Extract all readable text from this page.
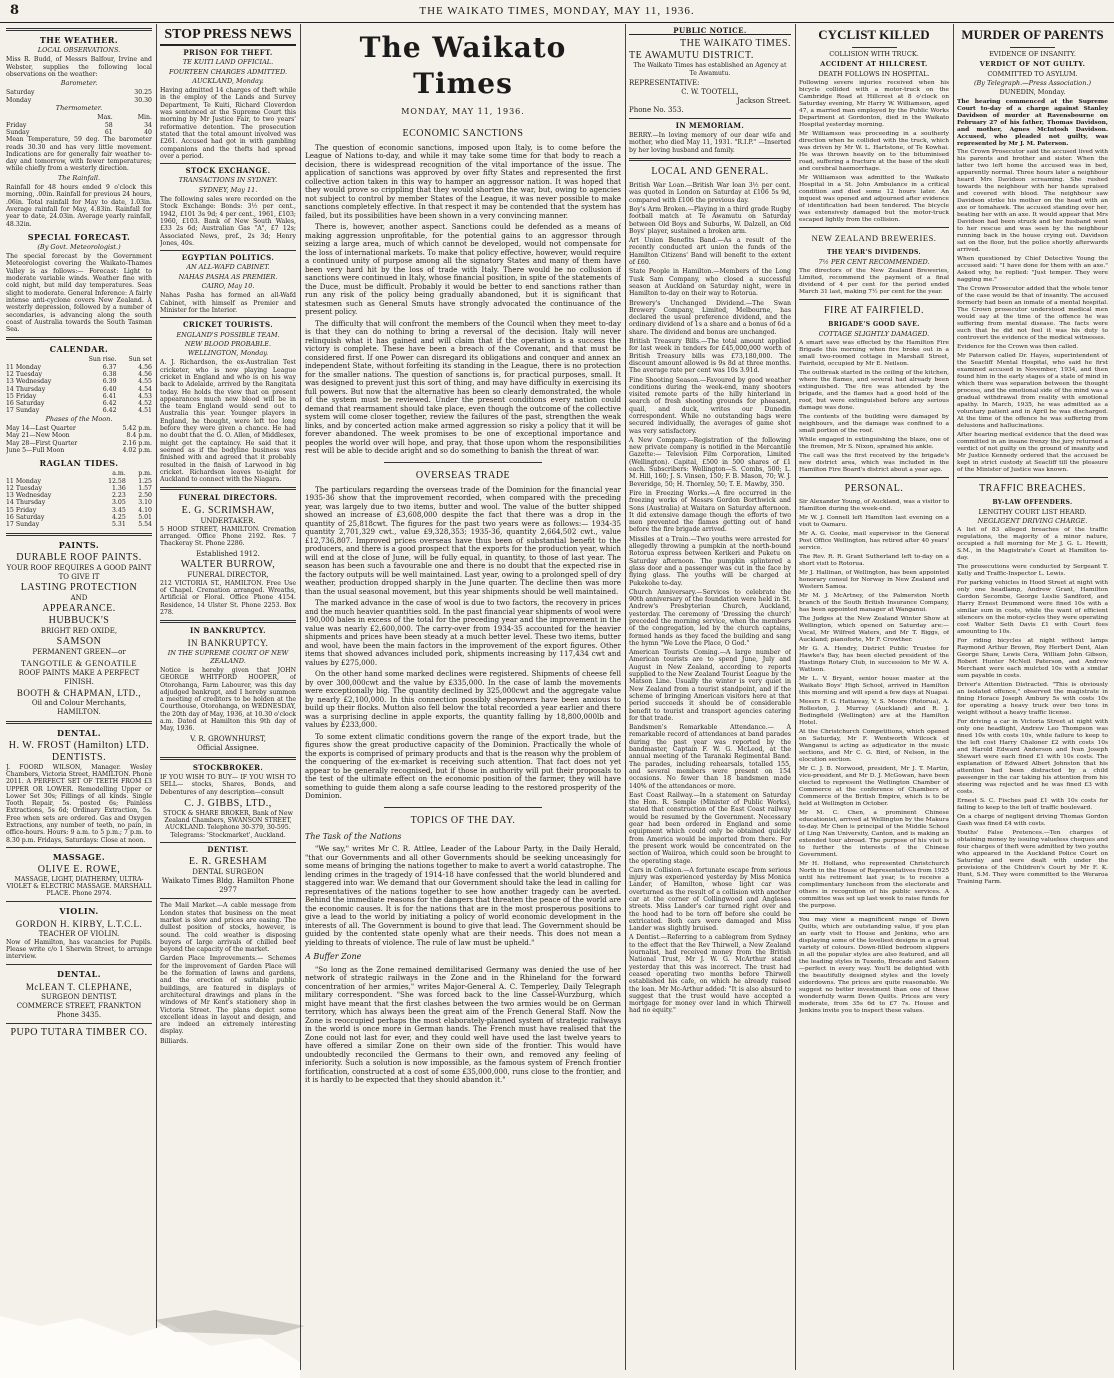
8	THE WAIKATO TIMES, MONDAY, MAY 11, 1936.
THE WEATHER.
LOCAL OBSERVATIONS.

Miss R. Budd, of Messrs Balfour, Irvine and Webster, supplies the following local observations on the weather:

Barometer.
Saturday	30.25
Monday	30.30
Thermometer.
	Max.	Min.
Friday	58	34
Sunday	61	40

Mean Temperature, 59 deg. The barometer reads 30.30 and has very little movement. Indications are for generally fair weather to-day and tomorrow, with fewer temperatures; while chiefly from a westerly direction.

The Rainfall.

Rainfall for 48 hours ended 9 o'clock this morning, .00in. Rainfall for previous 24 hours, .06in. Total rainfall for May to date, 1.03in. Average rainfall for May, 4.83in. Rainfall for year to date, 24.03in. Average yearly rainfall, 48.32in.

SPECIAL FORECAST.
(By Govt. Meteorologist.)

The special forecast by the Government Meteorologist covering the Waikato-Thames Valley is as follows:— Forecast: Light to moderate variable winds. Weather fine with cold night, but mild day temperatures. Seas slight to moderate. General Inference: A fairly intense anti-cyclone covers New Zealand. A westerly depression, followed by a number of secondaries, is advancing along the south coast of Australia towards the South Tasman Sea.

CALENDAR.
	Sun rise.	Sun set
11 Monday	6.37	4.56
12 Tuesday	6.38	4.56
13 Wednesday	6.39	4.55
14 Thursday	6.40	4.54
15 Friday	6.41	4.53
16 Saturday	6.42	4.52
17 Sunday	6.42	4.51
Phases of the Moon.
May 14—Last Quarter	5.42 p.m.
May 21—New Moon	8.4 p.m.
May 28—First Quarter	2.16 p.m.
June 5—Full Moon	4.02 p.m.
RAGLAN TIDES.
	a.m.	p.m.
11 Monday	12.58	1.25
12 Tuesday	1.36	1.57
13 Wednesday	2.23	2.50
14 Thursday	3.05	3.10
15 Friday	3.45	4.10
16 Saturday	4.25	5.01
17 Sunday	5.31	5.54
PAINTS.
DURABLE ROOF PAINTS.
YOUR ROOF REQUIRES A GOOD PAINT TO GIVE IT
LASTING PROTECTION
AND
APPEARANCE.
HUBBUCK'S
BRIGHT RED OXIDE,
SAMSON
PERMANENT GREEN—or
TANGOTILE & GENOATILE
ROOF PAINTS MAKE A PERFECT FINISH.
BOOTH & CHAPMAN, LTD.,
Oil and Colour Merchants,
HAMILTON.
DENTAL.
H. W. FROST (Hamilton) LTD.
DENTISTS.

J. FOORD WILSON, Manager. Wesley Chambers, Victoria Street, HAMILTON. Phone 2011. A PERFECT SET OF TEETH FROM £3 UPPER OR LOWER. Remodelling Upper or Lower Set 30s; Fillings of all kinds. Single Tooth Repair, 5s. posted 6s; Painless Extractions, 5s 6d; Ordinary Extraction, 5s. Free when sets are ordered. Gas and Oxygen Extractions, any number of teeth, no pain, in office-hours. Hours: 9 a.m. to 5 p.m.; 7 p.m. to 8.30 p.m. Fridays, Saturdays: Close at noon.

MASSAGE.
OLIVE E. ROWE,

MASSAGE, LIGHT, DIATHERMY, ULTRA-VIOLET & ELECTRIC MASSAGE. MARSHALL PLACE. Phone 2974.

VIOLIN.
GORDON H. KIRBY, L.T.C.L.
TEACHER OF VIOLIN.

Now of Hamilton, has vacancies for Pupils. Please write c/o 1 Sherwin Street, to arrange interview.

DENTAL.
McLEAN T. CLEPHANE,
SURGEON DENTIST.
COMMERCE STREET, FRANKTON
Phone 3435.
PUPO TUTARA TIMBER CO.
STOP PRESS NEWS
PRISON FOR THEFT.
TE KUITI LAND OFFICIAL.
FOURTEEN CHARGES ADMITTED.
AUCKLAND, Monday.

Having admitted 14 charges of theft while in the employ of the Lands and Survey Department, Te Kuiti, Richard Cloverdon was sentenced at the Supreme Court this morning by Mr Justice Fair, to two years' reformative detention. The prosecution stated that the total amount involved was £261. Accused had got in with gambling companions and the thefts had spread over a period.

STOCK EXCHANGE.
TRANSACTIONS IN SYDNEY.
SYDNEY, May 11.

The following sales were recorded on the Stock Exchange: Bonds: 3½ per cent., 1942, £101 3s 9d; 4 per cent., 1961, £103; 1960, £103. Bank of New South Wales, £33 2s 6d; Australian Gas "A", £7 12s; Associated News, pref., 2s 3d; Henry Jones, 40s.

EGYPTIAN POLITICS.
AN ALL-WAFD CABINET.
NAHAS PASHA AS PREMIER.
CAIRO, May 10.

Nahas Pasha has formed an all-Wafd Cabinet, with himself as Premier and Minister for the Interior.

CRICKET TOURISTS.
ENGLAND'S POSSIBLE TEAM.
NEW BLOOD PROBABLE.
WELLINGTON, Monday.

A. J. Richardson, the ex-Australian Test cricketer, who is now playing League cricket in England and who is on his way back to Adelaide, arrived by the Rangitata today. He holds the view that on present appearances much new blood will be in the team England would send out to Australia this year. Younger players in England, he thought, were left too long before they were given a chance. He had no doubt that the G. O. Allen, of Middlesex, might get the captaincy. He said that it seemed as if the bodyline business was finished with and agreed that it probably resulted in the finish of Larwood in big cricket. Richardson leaves to-night for Auckland to connect with the Niagara.

FUNERAL DIRECTORS.
E. G. SCRIMSHAW,
UNDERTAKER.

5 HOOD STREET, HAMILTON. Cremation arranged. Office Phone 2192. Res. 7 Thackeray St. Phone 2286.

Established 1912.
WALTER BURROW,
FUNERAL DIRECTOR,

212 VICTORIA ST., HAMILTON. Free Use of Chapel. Cremation arranged. Wreaths, Artificial or Floral. Office Phone 4154. Residence, 14 Ulster St. Phone 2253. Box 278.

IN BANKRUPTCY.
IN BANKRUPTCY.
IN THE SUPREME COURT OF NEW ZEALAND.

Notice is hereby given that JOHN GEORGE WHITFORD HOOPER, of Otorohanga, Farm Labourer, was this day adjudged bankrupt, and I hereby summon a meeting of creditors to be holden at the Courthouse, Otorohanga, on WEDNESDAY, the 20th day of May, 1936, at 10.30 o'clock a.m. Dated at Hamilton this 9th day of May, 1936.

V. R. GROWNHURST,
Official Assignee.
STOCKBROKER.

IF YOU WISH TO BUY— IF YOU WISH TO SELL— stocks, Shares, Bonds, and Debentures of any description—consult

C. J. GIBBS, LTD.,

STOCK & SHARE BROKER, Bank of New Zealand Chambers, SWANSON STREET, AUCKLAND. Telephone 30-379, 30-595. Telegrams: 'Stockmarket', Auckland.

DENTIST.
E. R. GRESHAM
DENTAL SURGEON
Waikato Times Bldg. Hamilton Phone 2977

The Mail Market.—A cable message from London states that business on the meat market is slow and prices are easing. The dullest position of stocks, however, is sound. The cold weather is disposing buyers of large arrivals of chilled beef beyond the capacity of the market.

Garden Place Improvements.— Schemes for the improvement of Garden Place will be the formation of lawns and gardens, and the erection of suitable public buildings, are featured in displays of architectural drawings and plans in the windows of Mr Kent's stationery shop in Victoria Street. The plans depict some excellent ideas in layout and design, and are indeed an extremely interesting display.

Billiards.

The Waikato Times
MONDAY, MAY 11, 1936.
ECONOMIC SANCTIONS

The question of economic sanctions, imposed upon Italy, is to come before the League of Nations to-day, and while it may take some time for that body to reach a decision, there is widespread recognition of the vital importance of the issue. The application of sanctions was approved by over fifty States and represented the first collective action taken in this way to hamper an aggressor nation. It was hoped that they would prove so crippling that they would shorten the war, but, owing to agencies not subject to control by member States of the League, it was never possible to make sanctions completely effective. In that respect it may be contended that the system has failed, but its possibilities have been shown in a very convincing manner.

There is, however, another aspect. Sanctions could be defended as a means of making aggression unprofitable, for the potential gains to an aggressor through seizing a large area, much of which cannot be developed, would not compensate for the loss of international markets. To make that policy effective, however, would require a continued unity of purpose among all the signatory States and many of them have been very hard hit by the loss of trade with Italy. There would be no collusion if sanctions were continued in Italy, whose financial position, in spite of the statements of the Duce, must be difficult. Probably it would be better to end sanctions rather than run any risk of the policy being gradually abandoned, but it is significant that statesmen such as General Smuts have strongly advocated the continuance of the present policy.

The difficulty that will confront the members of the Council when they meet to-day is that they can do nothing to bring a reversal of the decision. Italy will never relinquish what it has gained and will claim that if the operation is a success the victory is complete. These have been a breach of the Covenant, and that must be considered first. If one Power can disregard its obligations and conquer and annex an independent State, without forfeiting its standing in the League, there is no protection for the smaller nations. The question of sanctions is, for practical purposes, small. It was designed to prevent just this sort of thing, and may have difficulty in exercising its full powers. But now that the alternative has been so clearly demonstrated, the whole of the system must be reviewed. Under the present conditions every nation could demand that rearmament should take place, even though the outcome of the collective system will come closer together, review the failures of the past, strengthen the weak links, and by concerted action make armed aggression so risky a policy that it will be forever abandoned. The week promises to be one of exceptional importance and peoples the world over will hope, and pray, that those upon whom the responsibilities rest will be able to decide aright and so do something to banish the threat of war.

OVERSEAS TRADE

The particulars regarding the overseas trade of the Dominion for the financial year 1935-36 show that the improvement recorded, when compared with the preceding year, was largely due to two items, butter and wool. The value of the butter shipped showed an increase of £3,608,000 despite the fact that there was a drop in the quantity of 25,818cwt. The figures for the past two years were as follows:— 1934-35 quantity 2,701,329 cwt., value £9,328,353; 1935-36, quantity 2,664,502 cwt., value £12,736,807. Improved prices overseas have thus been of substantial benefit to the producers, and there is a good prospect that the exports for the production year, which will end at the close of June, will be fully equal, in quantity, to those of last year. The season has been such a favourable one and there is no doubt that the expected rise in the factory outputs will be well maintained. Last year, owing to a prolonged spell of dry weather, production dropped sharply in the June quarter. The decline then was more than the usual seasonal movement, but this year shipments should be well maintained.

The marked advance in the case of wool is due to two factors, the recovery in prices and the much heavier quantities sold. In the past financial year shipments of wool were 190,000 bales in excess of the total for the preceding year and the improvement in the value was nearly £2,600,000. The carry-over from 1934-35 accounted for the heavier shipments and prices have been steady at a much better level. These two items, butter and wool, have been the main factors in the improvement of the export figures. Other items that showed advances included pork, shipments increasing by 117,434 cwt and values by £275,000.

On the other hand some marked declines were registered. Shipments of cheese fell by over 300,000cwt and the value by £335,000. In the case of lamb the movements were exceptionally big. The quantity declined by 325,000cwt and the aggregate value by nearly £2,100,000. In this connection possibly shepowners have been anxious to build up their flocks. Mutton also fell below the total recorded a year earlier and there was a surprising decline in apple exports, the quantity falling by 18,800,000lb and values by £233,000.

To some extent climatic conditions govern the range of the export trade, but the figures show the great productive capacity of the Dominion. Practically the whole of the exports is comprised of primary products and that is the reason why the problem of the conquering of the ex-market is receiving such attention. That fact does not yet appear to be generally recognised, but if those in authority will put their proposals to the test of the ultimate effect on the economic position of the farmer, they will have something to guide them along a safe course leading to the restored prosperity of the Dominion.

TOPICS OF THE DAY.
The Task of the Nations

"We say," writes Mr C. R. Attlee, Leader of the Labour Party, in the Daily Herald, "that our Governments and all other Governments should be seeking unceasingly for some means of bringing the nations together to make to avert a world catastrophe. The lending crimes in the tragedy of 1914-18 have confessed that the world blundered and staggered into war. We demand that our Government should take the lead in calling for representatives of the nations together to see how another tragedy can be averted. Behind the immediate reasons for the dangers that threaten the peace of the world are the economic causes. It is for the nations that are in the most prosperous positions to give a lead to the world by initiating a policy of world economic development in the interests of all. The Government is bound to give that lead. The Government should be guided by the contented state openly what are their needs. This does not mean a yielding to threats of violence. The rule of law must be upheld."

A Buffer Zone

"So long as the Zone remained demilitarised Germany was denied the use of her network of strategic railways in the Zone and in the Rhineland for the forward concentration of her armies," writes Major-General A. C. Temperley, Daily Telegraph military correspondent. "She was forced back to the line Cassel-Wurzburg, which might have meant that the first clashes between the two armies would be on German territory, which has always been the great aim of the French General Staff. Now the Zone is reoccupied perhaps the most elaborately-planned system of strategic railways in the world is once more in German hands. The French must have realised that the Zone could not last for ever, and they could well have used the last twelve years to have offered a similar Zone on their own side of the frontier. This would have undoubtedly reconciled the Germans to their own, and removed any feeling of inferiority. Such a solution is now impossible, as the famous system of French frontier fortification, constructed at a cost of some £35,000,000, runs close to the frontier, and it is hardly to be expected that they should abandon it."

PUBLIC NOTICE.
THE WAIKATO TIMES.
TE AWAMUTU DISTRICT.

The Waikato Times has established an Agency at Te Awamutu.

REPRESENTATIVE:
C. W. TOOTELL,
Jackson Street.
Phone No. 353.
IN MEMORIAM.

BERRY.—In loving memory of our dear wife and mother, who died May 11, 1931. "R.I.P." —Inserted by her loving husband and family.

LOCAL AND GENERAL.

British War Loan.—British War loan 3½ per cent. was quoted in London on Saturday at £106 5s 9d, compared with £106 the previous day.

Boy's Arm Broken.—Playing in a third grade Rugby football match at Te Awamutu on Saturday between Old Boys and Suburbs, W. Dalzell, an Old Boys' player, sustained a broken arm.

Art Union Benefits Band.—As a result of the recently conducted art union the funds of the Hamilton Citizens' Band will benefit to the extent of £60.

State People in Hamilton.—Members of the Long Tusk Sam Company, who closed a successful season at Auckland on Saturday night, were in Hamilton to-day on their way to Rotorua.

Brewery's Unchanged Dividend.—The Swan Brewery Company, Limited, Melbourne, has declared the usual preference dividend, and the ordinary dividend of 1s a share and a bonus of 6d a share. The dividend and bonus are unchanged.

British Treasury Bills.—The total amount applied for last week in tenders for £45,000,000 worth of British Treasury bills was £73,180,000. The discount amount allowed is 9s 8d at three months. The average rate per cent was 10s 3.91d.

Fine Shooting Season.—Favoured by good weather conditions during the week-end, many shooters visited remote parts of the hilly hinterland in search of fresh shooting grounds for pheasant, quail, and duck, writes our Dunedin correspondent. While no outstanding bags were secured individually, the averages of game shot was very satisfactory.

A New Company.—Registration of the following new private company is notified in the Mercantile Gazette:— Television Film Corporation, Limited (Wellington). Capital, £500 in 500 shares of £1 each. Subscribers: Wellington—S. Combs, 500; L. M. Hill, 160; J. S. Vinsen, 150; F. B. Mason, 70; W. J. Beveridge, 50; H. Thornley, 50; T. E. Mawby, 350.

Fire in Freezing Works.—A fire occurred in the freezing works of Messrs Gordon Borthwick and Sons (Australia) at Waitara on Saturday afternoon. It did extensive damage though the efforts of two men prevented the flames getting out of hand before the fire brigade arrived.

Missiles at a Train.—Two youths were arrested for allegedly throwing a pumpkin at the north-bound Rotorua express between Kerikeri and Puketu on Saturday afternoon. The pumpkin splintered a glass door and a passenger was cut in the face by flying glass. The youths will be charged at Pukekohe to-day.

Church Anniversary.—Services to celebrate the 90th anniversary of the foundation were held in St. Andrew's Presbyterian Church, Auckland, yesterday. The ceremony of 'Dressing the church' preceded the morning service, when the members of the congregation, led by the church captains, formed hands as they faced the building and sang the hymn "We Love the Place, O God."

American Tourists Coming.—A large number of American tourists are to spend June, July and August in New Zealand, according to reports supplied to the New Zealand Tourist League by the Matson Line. Usually the winter is very quiet in New Zealand from a tourist standpoint, and if the scheme of bringing American visitors here at that period succeeds it should be of considerable benefit to tourist and transport agencies catering for that trade.

Bandsmen's Remarkable Attendance.— A remarkable record of attendances at band parades during the past year was reported by the bandmaster, Captain F. W. G. McLeod, at the annual meeting of the Taranaki Regimental Band. The parades, including rehearsals, totalled 155, and several members were present on 154 occasions. No fewer than 18 bandsmen made 140% of the attendances or more.

East Coast Railway.—In a statement on Saturday the Hon. R. Semple (Minister of Public Works), stated that construction of the East Coast railway would be resumed by the Government. Necessary gear had been ordered in England and some equipment which could only be obtained quickly from America would be imported from there. For the present work would be concentrated on the section of Waiiroa, which could soon be brought to the operating stage.

Cars in Collision.—A fortunate escape from serious injury was experienced yesterday by Miss Monica Lander, of Hamilton, whose light car was overturned as the result of a collision with another car at the corner of Collingwood and Anglesea streets. Miss Lander's car turned right over and the hood had to be torn off before she could be extricated. Both cars were damaged and Miss Lander was slightly bruised.

A Dentist.—Referring to a cablegram from Sydney to the effect that the Rev Thirwell, a New Zealand journalist, had received money from the British National Trust, Mr J. W. G. McArthur stated yesterday that this was incorrect. The trust had ceased operating two months before Thirwell established his cafe, on which he already raised the loan. Mr Mc-Arthur added: "It is also absurd to suggest that the trust would have accepted a mortgage for money over land in which Thirwell had no equity."

CYCLIST KILLED
COLLISION WITH TRUCK.
ACCIDENT AT HILLCREST.
DEATH FOLLOWS IN HOSPITAL.

Following severe injuries received when his bicycle collided with a motor-truck on the Cambridge Road at Hillcrest at 8 o'clock on Saturday evening, Mr Harry W. Williamson, aged 47, a married man employed by the Public Works Department at Gordonton, died in the Waikato Hospital yesterday morning.

Mr Williamson was proceeding in a southerly direction when he collided with the truck, which was driven by Mr W. L. Hartstone, of Te Kowhai. He was thrown heavily on to the bituminised road, suffering a fracture at the base of the skull and cerebral haemorrhage.

Mr Williamson was admitted to the Waikato Hospital in a St. John Ambulance in a critical condition and died some 12 hours later. An inquest was opened and adjourned after evidence of identification had been tendered. The bicycle was extensively damaged but the motor-truck escaped lightly from the collision.

NEW ZEALAND BREWERIES.
THE YEAR'S DIVIDENDS.
7½ PER CENT RECOMMENDED.

The directors of the New Zealand Breweries, Limited, recommend the payment of a final dividend of 4 per cent for the period ended March 31 last, making 7½ per cent for the year.

FIRE AT FAIRFIELD.
BRIGADE'S GOOD SAVE.
COTTAGE SLIGHTLY DAMAGED.

A smart save was effected by the Hamilton Fire Brigade this morning when fire broke out in a small two-roomed cottage in Marshall Street, Fairfield, occupied by Mr E. Neilson.

The outbreak started in the ceiling of the kitchen, where the flames, and several had already been extinguished. The fire was attended by the brigade, and the flames had a good hold of the roof, but were extinguished before any serious damage was done.

The contents of the building were damaged by neighbours, and the damage was confined to a small portion of the roof.

While engaged in extinguishing the blaze, one of the firemen, Mr S. Nixon, sprained his ankle.

The call was the first received by the brigade's new district area, which was included in the Hamilton Fire Board's district about a year ago.

PERSONAL.

Sir Alexander Young, of Auckland, was a visitor to Hamilton during the week-end.

Mr W. J. Connell left Hamilton last evening on a visit to Oamaru.

Mr A. G. Cooke, mail supervisor in the General Post Office Wellington, has retired after 40 years' service.

The Rev. R. R. Grant Sutherland left to-day on a short visit to Rotorua.

Mr J. Hallinan, of Wellington, has been appointed honorary consul for Norway in New Zealand and Western Samoa.

Mr M. J. McArtney, of the Palmerston North branch of the South British Insurance Company, has been appointed manager at Wanganui.

The Judges at the New Zealand Winter Show at Wellington, which opened on Saturday are:—Vocal, Mr Wilfred Waters, and Mr T. Biggs, of Auckland; pianoforte, Mr F. Crowther.

Mr G. A. Hendry, District Public Trustee for Hawke's Bay, has been elected president of the Hastings Rotary Club, in succession to Mr W. A. Wattson.

Mr L. V. Bryant, senior house master at the Waikato Boys' High School, arrived in Hamilton this morning and will spend a few days at Nuapai.

Messrs F. G. Hattaway, V. S. Moore (Rotorua), A. Rolleston, J. Murray (Auckland) and R. J. Bedingfield (Wellington) are at the Hamilton Hotel.

At the Christchurch Competitions, which opened on Saturday, Mr F. Wentworth Wilcock of Wanganui is acting as adjudicator in the music sections, and Mr C. G. Bird, of Nelson, in the elocution section.

Mr C. J. B. Norwood, president, Mr J. T. Martin, vice-president, and Mr D. J. McGowan, have been elected to represent the Wellington Chamber of Commerce at the conference of Chambers of Commerce of the British Empire, which is to be held at Wellington in October.

Mr M. C. Chen, a prominent Chinese educationist, arrived at Wellington by the Makura to-day. Mr Chen is principal of the Middle School of Ling Nan University, Canton, and is making an extended tour abroad. The purpose of his visit is to further the interests of the Chinese Government.

Mr H. Holland, who represented Christchurch North in the House of Representatives from 1925 until his retirement last year, is to receive a complimentary luncheon from the electorate and others in recognition of his public services. A committee was set up last week to raise funds for the purpose.

You may view a magnificent range of Down Quilts, which are outstanding value, if you plan an early visit to House and Jenkins, who are displaying some of the loveliest designs in a great variety of colours. Down-filled bedroom slippers in all the popular styles are also featured, and all the leading styles in Tuxedo, Brocade and Sateen—perfect in every way. You'll be delighted with the beautifully designed styles and the lovely eiderdowns. The prices are quite reasonable. We suggest no better investment than one of these wonderfully warm Down Quilts. Prices are very moderate, from 35s 6d to £7 7s. House and Jenkins invite you to inspect these values.

MURDER OF PARENTS
EVIDENCE OF INSANITY.
VERDICT OF NOT GUILTY.
COMMITTED TO ASYLUM.
(By Telegraph.—Press Association.)
DUNEDIN, Monday.

The hearing commenced at the Supreme Court to-day of a charge against Stanley Davidson of murder at Ravensbourne on February 27 of his father, Thomas Davidson, and mother, Agnes McIntosh Davidson. Accused, who pleaded not guilty, was represented by Mr J. M. Paterson.

The Crown Prosecutor said the accused lived with his parents and brother and sister. When the latter two left home the accused was in bed, apparently normal. Three hours later a neighbour heard Mrs Davidson screaming. She rushed towards the neighbour with her hands upraised and covered with blood. The neighbour saw Davidson strike his mother on the head with an axe or tomahawk. The accused standing over her, beating her with an axe. It would appear that Mrs Davidson had been struck and her husband went to her rescue and was seen by the neighbour running back in the house crying out. Davidson sat on the floor, but the police shortly afterwards arrived.

When questioned by Chief Detective Young the accused said: "I have done for them with an axe." Asked why, he replied: "Just temper. They were nagging me."

The Crown Prosecutor added that the whole tenor of the case would be that of insanity. The accused formerly had been an inmate of a mental hospital. The Crown prosecutor understood medical men would say at the time of the offence he was suffering from mental disease. The facts were such that he did not feel it was his duty to controvert the evidence of the medical witnesses.

Evidence for the Crown was then called.

Mr Paterson called Dr. Hayes, superintendent of the Seacliff Mental Hospital, who said he first examined accused in November, 1934, and then found him in the early stages of a state of mind in which there was separation between the thought process, and the emotional side of the mind was a gradual withdrawal from reality with emotional apathy. In March, 1935, he was admitted as a voluntary patient and in April he was discharged. At the time of the offence he was suffering from delusions and hallucinations.

After hearing medical evidence that the deed was committed in an insane frenzy the jury returned a verdict of not guilty on the ground of insanity and Mr Justice Kennedy ordered that the accused be kept in strict custody at Seacliff till the pleasure of the Minister of Justice was known.

TRAFFIC BREACHES.
BY-LAW OFFENDERS.
LENGTHY COURT LIST HEARD.
NEGLIGENT DRIVING CHARGE.

A list of 83 alleged breaches of the traffic regulations, the majority of a minor nature, occupied a full morning for Mr J. G. L. Hewitt, S.M., in the Magistrate's Court at Hamilton to-day.

The prosecutions were conducted by Sergeant T. Kelly and Traffic-Inspector L. Lewis.

For parking vehicles in Hood Street at night with only one headlamp, Andrew Grant, Hamilton Gordon Secombe, George Leslie Sandford, and Harry Ernest Drummond were fined 10s with a similar sum in costs, while the want of efficient silencers on the motor-cycles they were operating cost Walter Seth Davis £1 with Court fees amounting to 10s.

For riding bicycles at night without lamps Raymond Arthur Brown, Roy Herbert Dent, Alan George Shaw, Lewis Cera, William John Gibson, Robert Hunter McNeil Paterson, and Andrew Merchant were each mulcted 10s with a similar sum payable in costs.

Driver's Attention Distracted. "This is obviously an isolated offence," observed the magistrate in fining Horace Joseph Ambury 5s with costs 10s for operating a heavy truck over two tons in weight without a heavy traffic license.

For driving a car in Victoria Street at night with only one headlight, Andrew Leo Thompson was fined 10s with costs 10s, while failure to keep to the left cost Harry Chaloner £2 with costs 10s and Harold Edward Anderson and Ivan Joseph Stewart were each fined £1 with 10s costs. The explanation of Edward Albert Johnston that his attention had been distracted by a child passenger in the car taking his attention from his steering was rejected and he was fined £3 with costs.

Ernest S. C. Fisches paid £1 with 10s costs for failing to keep to the left of traffic boulevard.

On a charge of negligent driving Thomas Gordon Gash was fined £4 with costs.

Youths' False Pretences.—Ten charges of obtaining money by issuing valueless cheques and four charges of theft were admitted by two youths who appeared in the Auckland Police Court on Saturday and were dealt with under the provisions of the Children's Court by Mr F. K. Hunt, S.M. They were committed to the Weraroa Training Farm.
